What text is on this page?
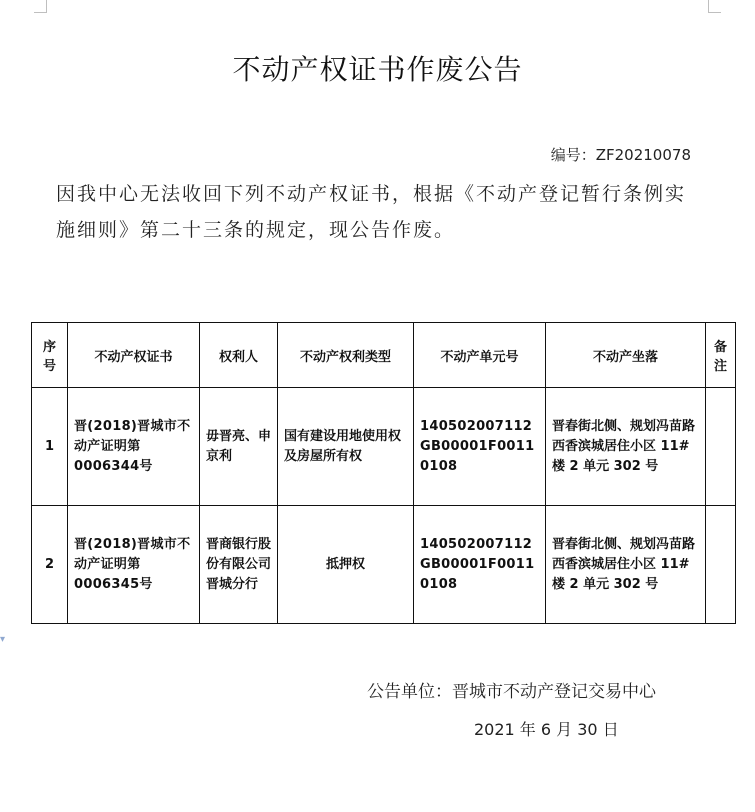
▾
不动产权证书作废公告
编号：ZF20210078
因我中心无法收回下列不动产权证书，根据《不动产登记暂行条例实施细则》第二十三条的规定，现公告作废。
序号	不动产权证书	权利人	不动产权利类型	不动产单元号	不动产坐落	备注
1	晋(2018)晋城市不动产证明第0006344号	毋晋亮、申京利	国有建设用地使用权及房屋所有权	140502007112GB00001F00110108	晋春街北侧、规划冯苗路西香滨城居住小区 11#楼 2 单元 302 号	
2	晋(2018)晋城市不动产证明第0006345号	晋商银行股份有限公司晋城分行	抵押权	140502007112GB00001F00110108	晋春街北侧、规划冯苗路西香滨城居住小区 11#楼 2 单元 302 号	
公告单位：晋城市不动产登记交易中心
2021 年 6 月 30 日
